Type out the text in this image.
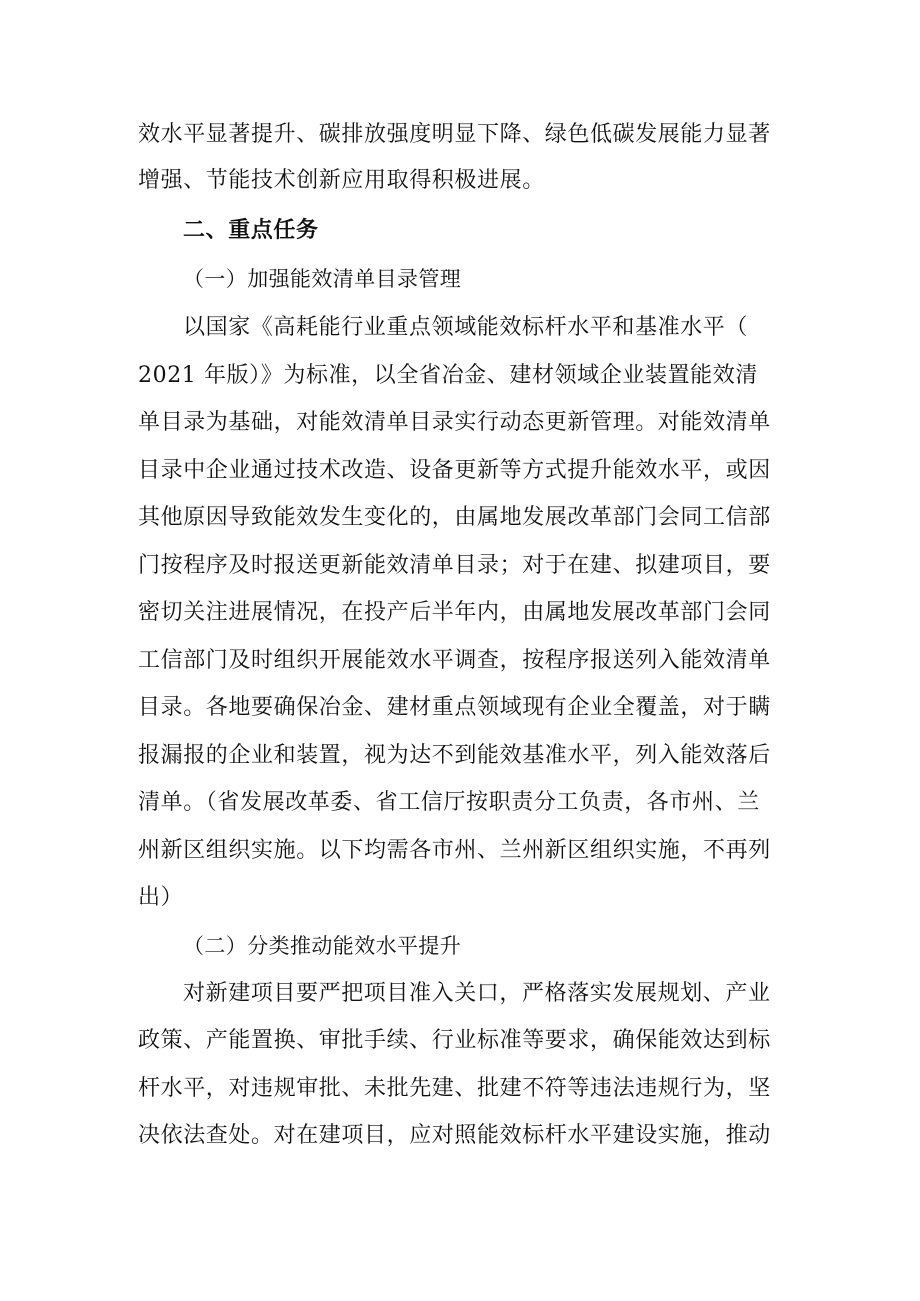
效水平显著提升、碳排放强度明显下降、绿色低碳发展能力显著
增强、节能技术创新应用取得积极进展。
二、重点任务
（一）加强能效清单目录管理
以国家《高耗能行业重点领域能效标杆水平和基准水平（
2021 年版）》为标准，以全省冶金、建材领域企业装置能效清
单目录为基础，对能效清单目录实行动态更新管理。对能效清单
目录中企业通过技术改造、设备更新等方式提升能效水平，或因
其他原因导致能效发生变化的，由属地发展改革部门会同工信部
门按程序及时报送更新能效清单目录；对于在建、拟建项目，要
密切关注进展情况，在投产后半年内，由属地发展改革部门会同
工信部门及时组织开展能效水平调查，按程序报送列入能效清单
目录。各地要确保冶金、建材重点领域现有企业全覆盖，对于瞒
报漏报的企业和装置，视为达不到能效基准水平，列入能效落后
清单。（省发展改革委、省工信厅按职责分工负责，各市州、兰
州新区组织实施。以下均需各市州、兰州新区组织实施，不再列
出）
（二）分类推动能效水平提升
对新建项目要严把项目准入关口，严格落实发展规划、产业
政策、产能置换、审批手续、行业标准等要求，确保能效达到标
杆水平，对违规审批、未批先建、批建不符等违法违规行为，坚
决依法查处。对在建项目，应对照能效标杆水平建设实施，推动
